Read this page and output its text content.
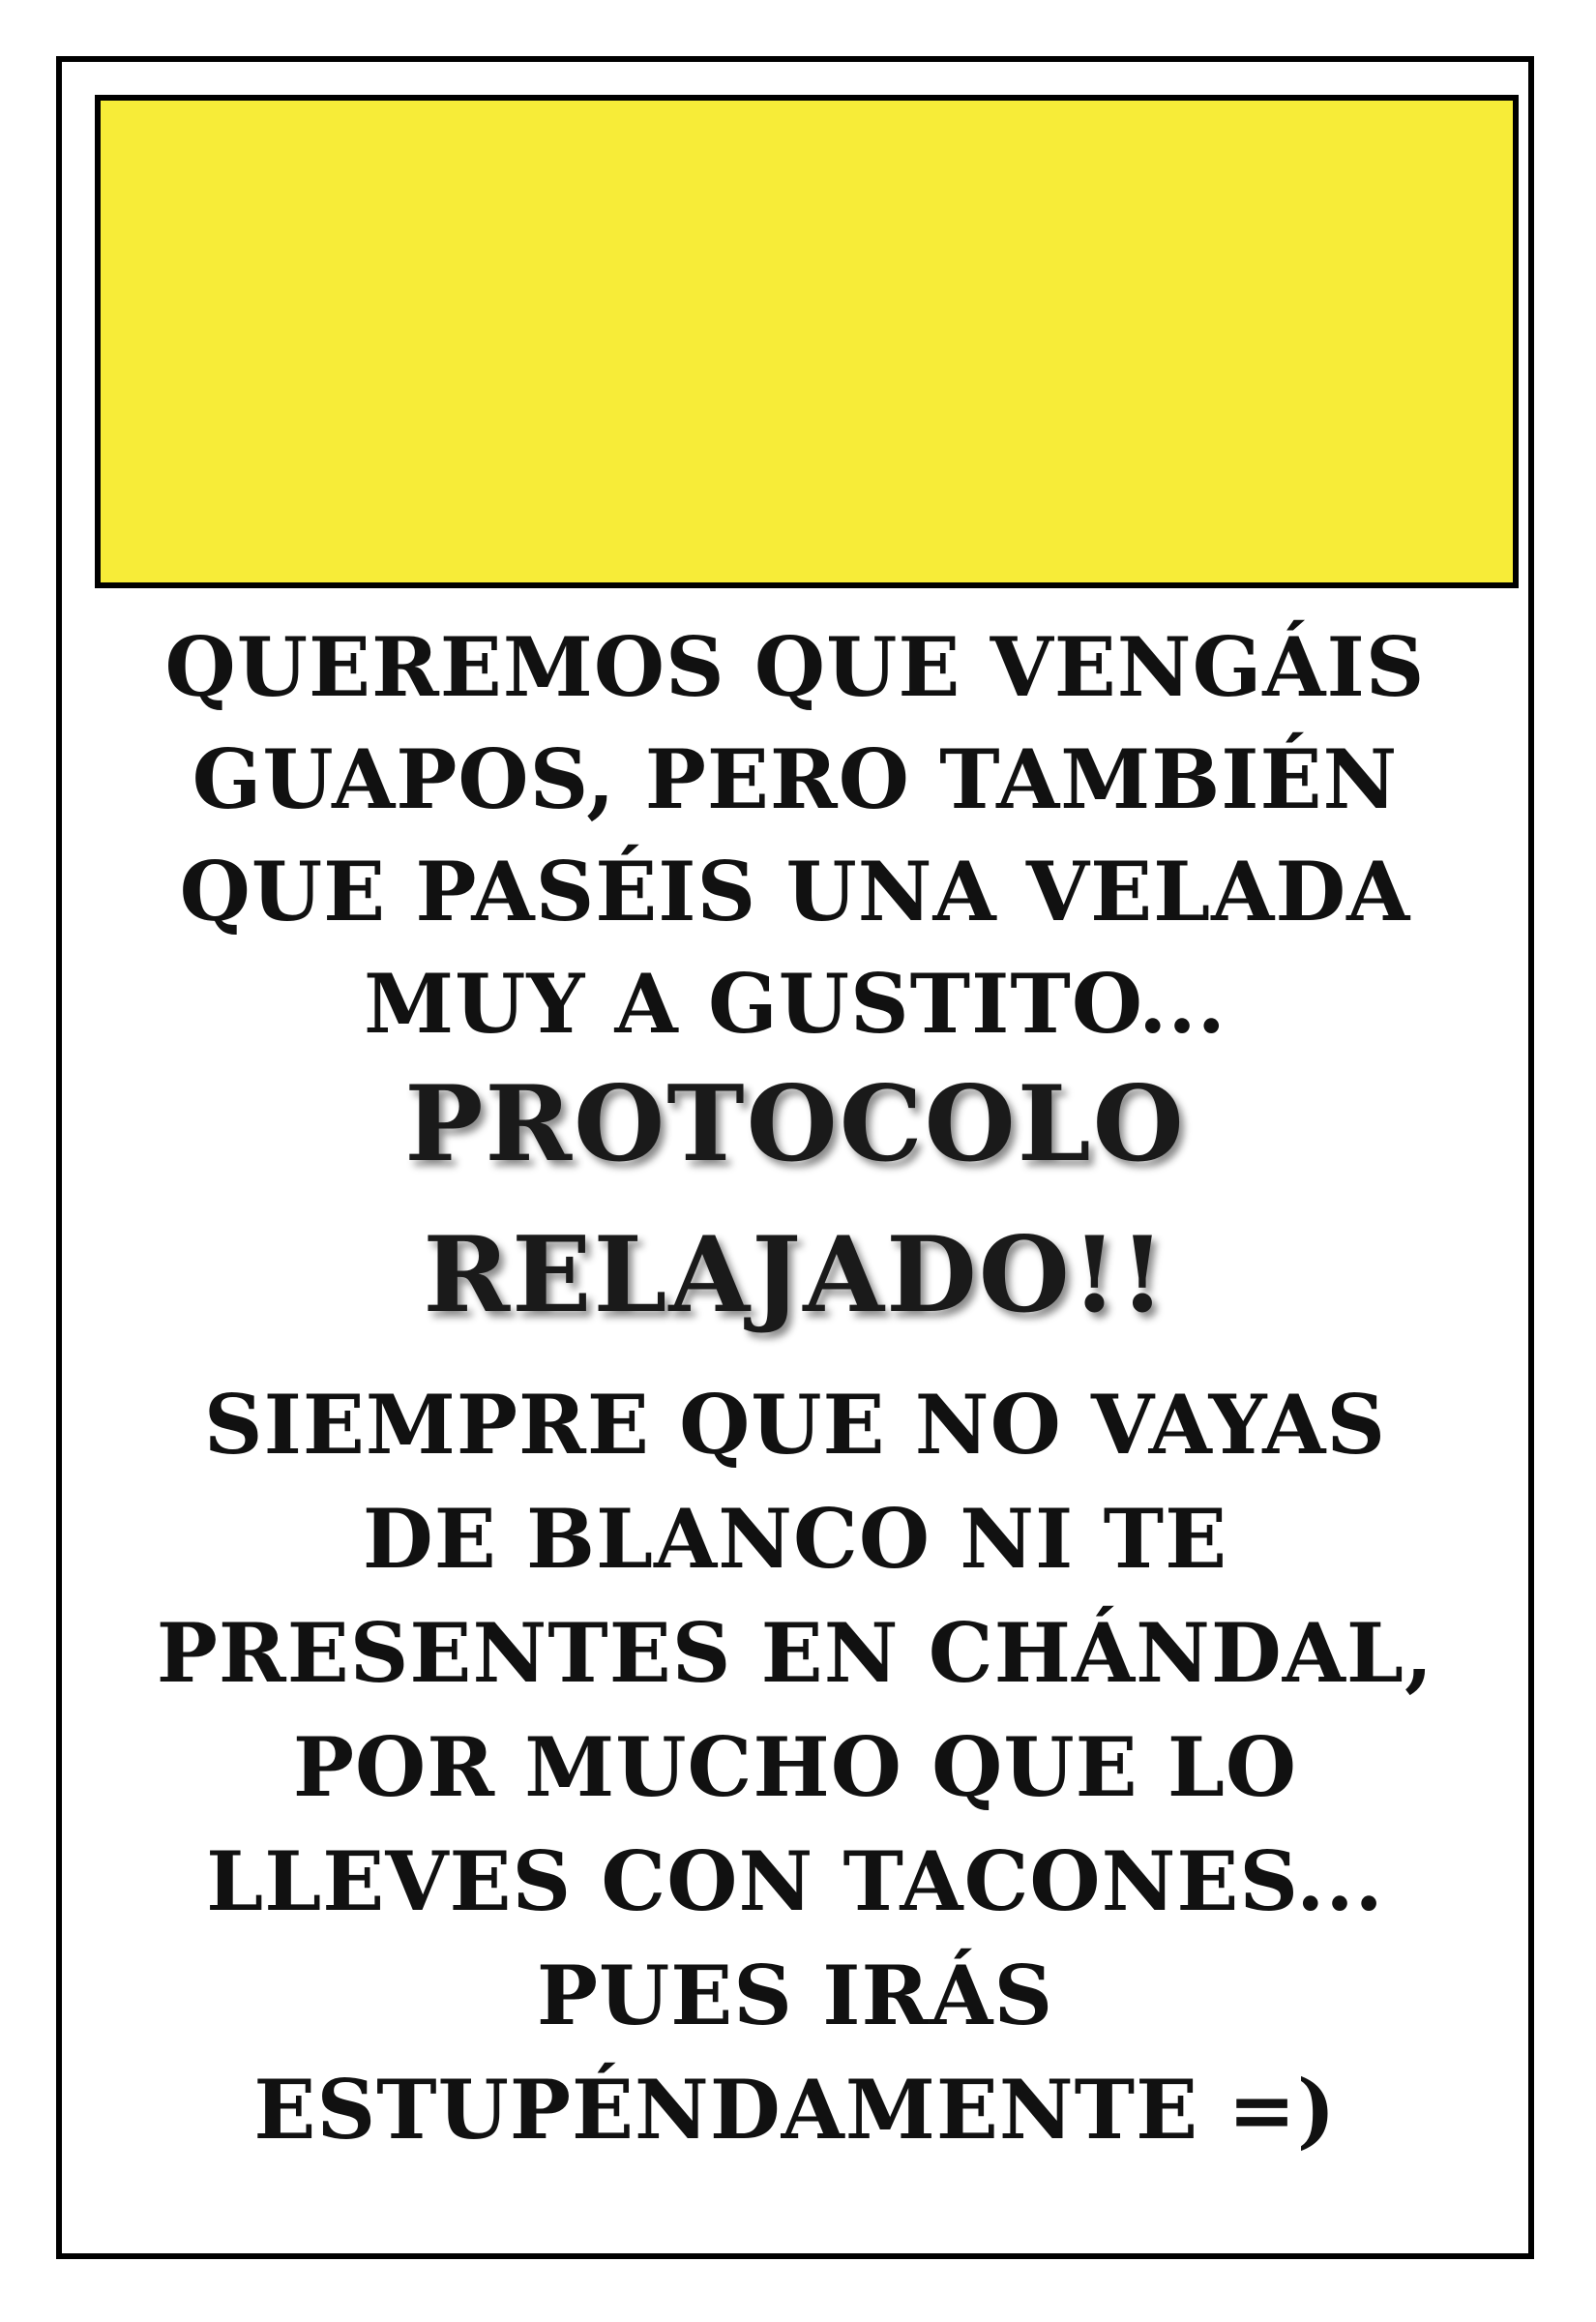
QUEREMOS QUE VENGÁIS
GUAPOS, PERO TAMBIÉN
QUE PASÉIS UNA VELADA
MUY A GUSTITO...
PROTOCOLO
RELAJADO!!
SIEMPRE QUE NO VAYAS
DE BLANCO NI TE
PRESENTES EN CHÁNDAL,
POR MUCHO QUE LO
LLEVES CON TACONES...
PUES IRÁS
ESTUPÉNDAMENTE =)
